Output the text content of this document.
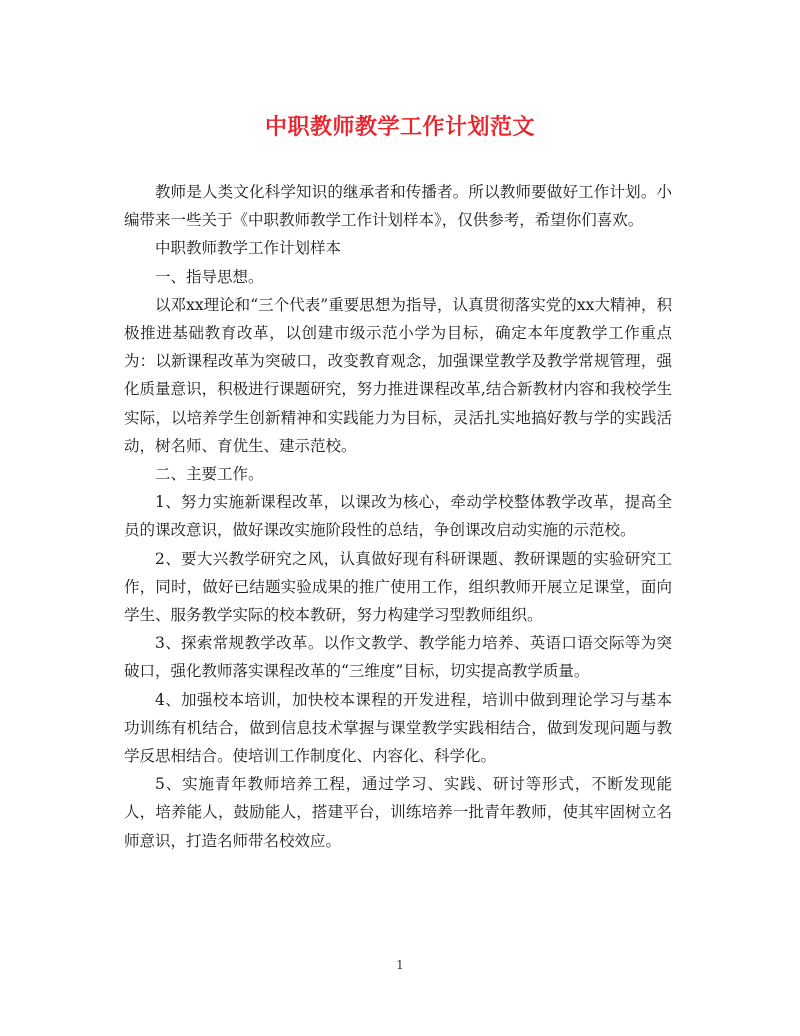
中职教师教学工作计划范文

教师是人类文化科学知识的继承者和传播者。所以教师要做好工作计划。小编带来一些关于《中职教师教学工作计划样本》，仅供参考，希望你们喜欢。

中职教师教学工作计划样本

一、指导思想。

以邓xx理论和“三个代表”重要思想为指导，认真贯彻落实党的xx大精神，积极推进基础教育改革，以创建市级示范小学为目标，确定本年度教学工作重点为：以新课程改革为突破口，改变教育观念，加强课堂教学及教学常规管理，强化质量意识，积极进行课题研究，努力推进课程改革,结合新教材内容和我校学生实际，以培养学生创新精神和实践能力为目标，灵活扎实地搞好教与学的实践活动，树名师、育优生、建示范校。

二、主要工作。

1、努力实施新课程改革，以课改为核心，牵动学校整体教学改革，提高全员的课改意识，做好课改实施阶段性的总结，争创课改启动实施的示范校。

2、要大兴教学研究之风，认真做好现有科研课题、教研课题的实验研究工作，同时，做好已结题实验成果的推广使用工作，组织教师开展立足课堂，面向学生、服务教学实际的校本教研，努力构建学习型教师组织。

3、探索常规教学改革。以作文教学、教学能力培养、英语口语交际等为突破口，强化教师落实课程改革的“三维度”目标，切实提高教学质量。

4、加强校本培训，加快校本课程的开发进程，培训中做到理论学习与基本功训练有机结合，做到信息技术掌握与课堂教学实践相结合，做到发现问题与教学反思相结合。使培训工作制度化、内容化、科学化。

5、实施青年教师培养工程，通过学习、实践、研讨等形式，不断发现能人，培养能人，鼓励能人，搭建平台，训练培养一批青年教师，使其牢固树立名师意识，打造名师带名校效应。

1
